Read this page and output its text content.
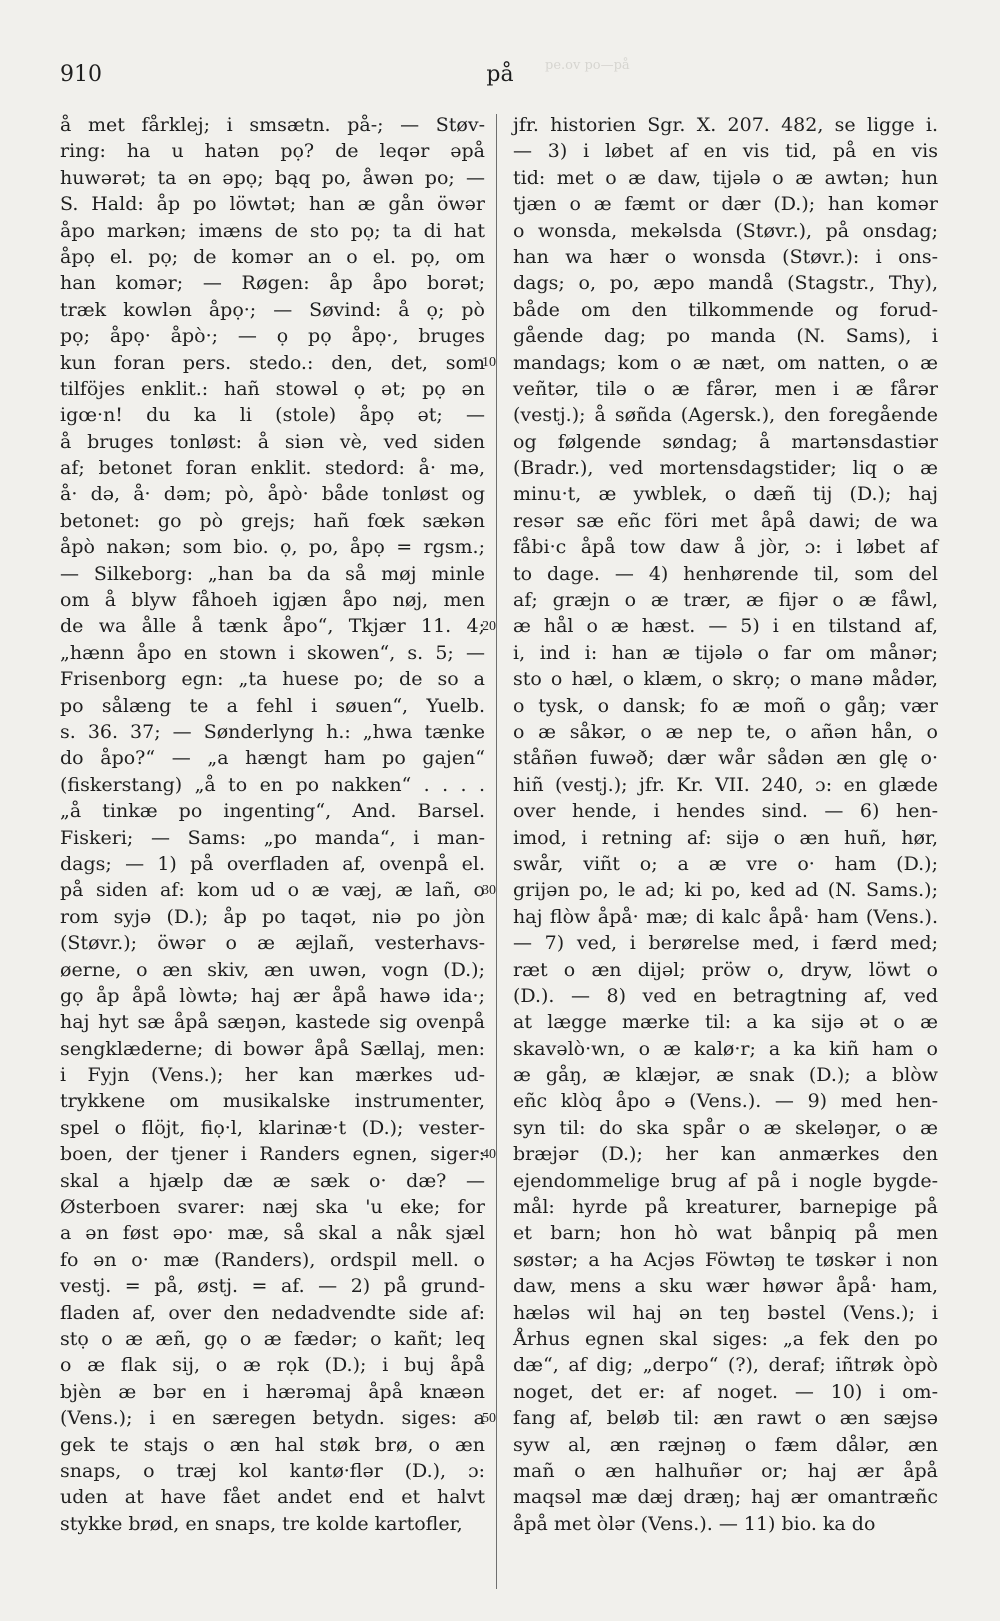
910	på	pe.ov po—på
å met fårklej; i smsætn. på-; — Støv-
ring: ha u hatən pọ? de leqər əpå
huwərət; ta ən əpọ; bąq po, åwən po; —
S. Hald: åp po löwtət; han æ gån öwər
åpo markən; imæns de sto pọ; ta di hat
åpọ el. pọ; de komər an o el. pọ, om
han komər; — Røgen: åp åpo borət;
træk kowlən åpọ·; — Søvind: å ọ; pò
pọ; åpọ· åpò·; — ọ pọ åpọ·, bruges
kun foran pers. stedo.: den, det, som
tilföjes enklit.: hañ stowəl ọ ət; pọ ən
igœ·n! du ka li (stole) åpọ ət; —
å bruges tonløst: å siən vè, ved siden
af; betonet foran enklit. stedord: å· mə,
å· də, å· dəm; pò, åpò· både tonløst og
betonet: go pò grejs; hañ fœk sækən
åpò nakən; som bio. ọ, po, åpọ = rgsm.;
— Silkeborg: „han ba da så møj minle
om å blyw fåhoeh igjæn åpo nøj, men
de wa ålle å tænk åpo“, Tkjær 11. 4;
„hænn åpo en stown i skowen“, s. 5; —
Frisenborg egn: „ta huese po; de so a
po sålæng te a fehl i søuen“, Yuelb.
s. 36. 37; — Sønderlyng h.: „hwa tænke
do åpo?“ — „a hængt ham po gajen“
(fiskerstang) „å to en po nakken“ . . . .
„å tinkæ po ingenting“, And. Barsel.
Fiskeri; — Sams: „po manda“, i man-
dags; — 1) på overfladen af, ovenpå el.
på siden af: kom ud o æ væj, æ lañ, o
rom syjə (D.); åp po taqət, niə po jòn
(Støvr.); öwər o æ æjlañ, vesterhavs-
øerne, o æn skiv, æn uwən, vogn (D.);
gọ åp åpå lòwtə; haj ær åpå hawə ida·;
haj hyt sæ åpå sæŋən, kastede sig ovenpå
sengklæderne; di bowər åpå Sællaj, men:
i Fyjn (Vens.); her kan mærkes ud-
trykkene om musikalske instrumenter,
spel o flöjt, fiọ·l, klarinæ·t (D.); vester-
boen, der tjener i Randers egnen, siger:
skal a hjælp dæ æ sæk o· dæ? —
Østerboen svarer: næj ska 'u eke; for
a ən føst əpo· mæ, så skal a nåk sjæl
fo ən o· mæ (Randers), ordspil mell. o
vestj. = på, østj. = af. — 2) på grund-
fladen af, over den nedadvendte side af:
stọ o æ æñ, gọ o æ fædər; o kañt; leq
o æ flak sij, o æ rọk (D.); i buj åpå
bjèn æ bər en i hærəmaj åpå knæən
(Vens.); i en særegen betydn. siges: a
gek te stajs o æn hal støk brø, o æn
snaps, o træj kol kantø·flər (D.), ɔ:
uden at have fået andet end et halvt
stykke brød, en snaps, tre kolde kartofler,
jfr. historien Sgr. X. 207. 482, se ligge i.
— 3) i løbet af en vis tid, på en vis
tid: met o æ daw, tijələ o æ awtən; hun
tjæn o æ fæmt or dær (D.); han komər
o wonsda, mekəlsda (Støvr.), på onsdag;
han wa hær o wonsda (Støvr.): i ons-
dags; o, po, æpo mandå (Stagstr., Thy),
både om den tilkommende og forud-
gående dag; po manda (N. Sams), i
mandags; kom o æ næt, om natten, o æ
veñtər, tilə o æ fårər, men i æ fårər
(vestj.); å søñda (Agersk.), den foregående
og følgende søndag; å martənsdastiər
(Bradr.), ved mortensdagstider; liq o æ
minu·t, æ ywblek, o dæñ tij (D.); haj
resər sæ eñc föri met åpå dawi; de wa
fåbi·c åpå tow daw å jòr, ɔ: i løbet af
to dage. — 4) henhørende til, som del
af; græjn o æ trær, æ fijər o æ fåwl,
æ hål o æ hæst. — 5) i en tilstand af,
i, ind i: han æ tijələ o far om månər;
sto o hæl, o klæm, o skrọ; o manə mådər,
o tysk, o dansk; fo æ moñ o gåŋ; vær
o æ såkər, o æ nep te, o añən hån, o
ståñən fuwəð; dær wår sådən æn glę o·
hiñ (vestj.); jfr. Kr. VII. 240, ɔ: en glæde
over hende, i hendes sind. — 6) hen-
imod, i retning af: sijə o æn huñ, hør,
swår, viñt o; a æ vre o· ham (D.);
grijən po, le ad; ki po, ked ad (N. Sams.);
haj flòw åpå· mæ; di kalc åpå· ham (Vens.).
— 7) ved, i berørelse med, i færd med;
ræt o æn dijəl; pröw o, dryw, löwt o
(D.). — 8) ved en betragtning af, ved
at lægge mærke til: a ka sijə ət o æ
skavəlò·wn, o æ kalø·r; a ka kiñ ham o
æ gåŋ, æ klæjər, æ snak (D.); a blòw
eñc klòq åpo ə (Vens.). — 9) med hen-
syn til: do ska spår o æ skeləŋər, o æ
bræjər (D.); her kan anmærkes den
ejendommelige brug af på i nogle bygde-
mål: hyrde på kreaturer, barnepige på
et barn; hon hò wat bånpiq på men
søstər; a ha Acjəs Föwtəŋ te tøskər i non
daw, mens a sku wær høwər åpå· ham,
hæləs wil haj ən teŋ bəstel (Vens.); i
Århus egnen skal siges: „a fek den po
dæ“, af dig; „derpo“ (?), deraf; iñtrøk òpò
noget, det er: af noget. — 10) i om-
fang af, beløb til: æn rawt o æn sæjsə
syw al, æn ræjnəŋ o fæm dålər, æn
mañ o æn halhuñər or; haj ær åpå
maqsəl mæ dæj dræŋ; haj ær omantræñc
åpå met òlər (Vens.). — 11) bio. ka do
10
20
30
40
50
